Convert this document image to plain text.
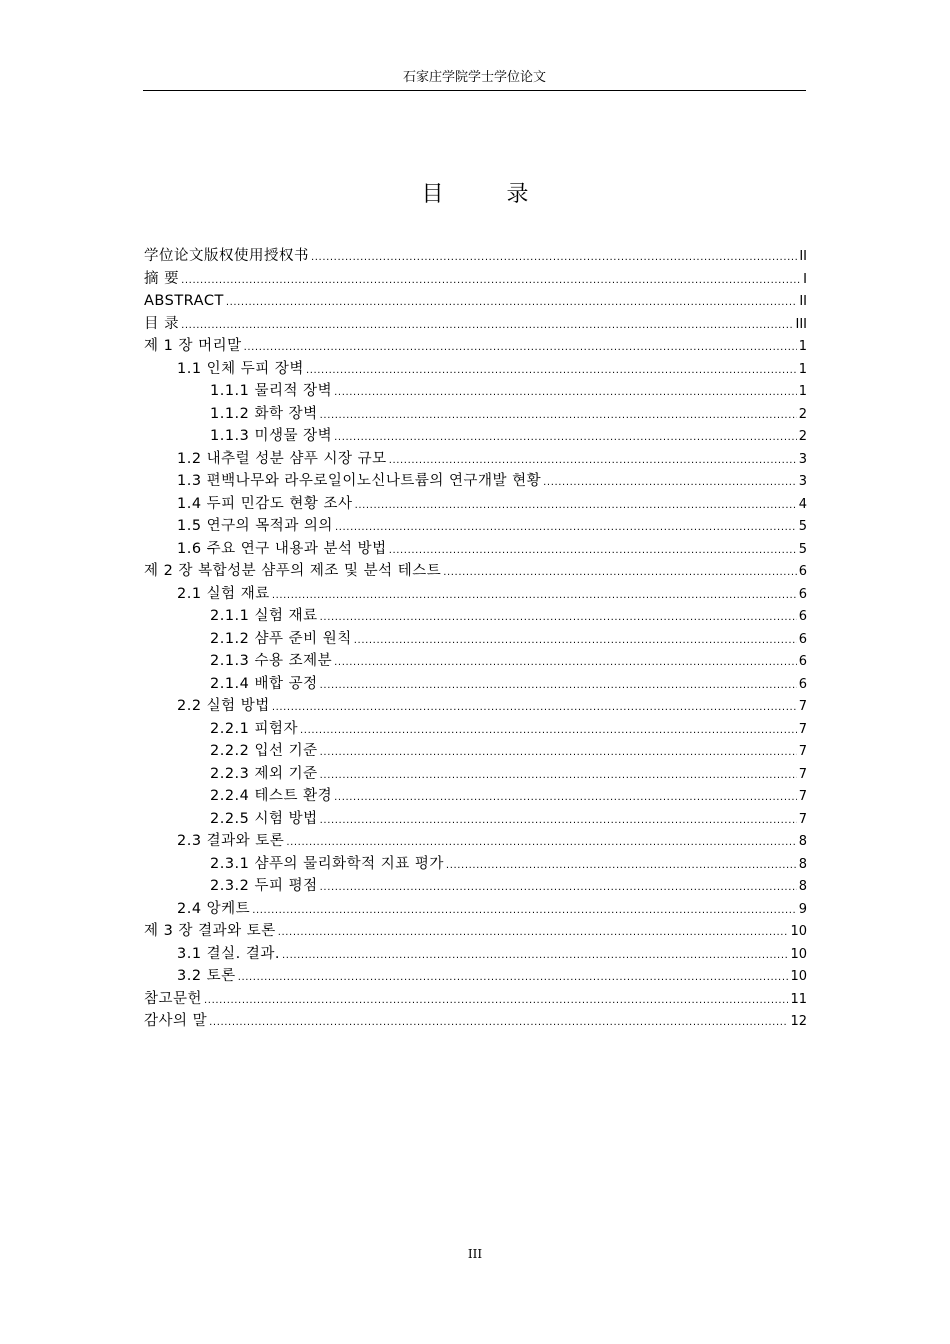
石家庄学院学士学位论文
目 录
学位论文版权使用授权书 .....	II
摘 要 .....	I
ABSTRACT .....	II
目 录 .....	III
제 1 장 머리말 .....	1
1.1 인체 두피 장벽 .....	1
1.1.1 물리적 장벽 .....	1
1.1.2 화학 장벽 .....	2
1.1.3 미생물 장벽 .....	2
1.2 내추럴 성분 샴푸 시장 규모 .....	3
1.3 편백나무와 라우로일이노신나트륨의 연구개발 현황 .....	3
1.4 두피 민감도 현황 조사 .....	4
1.5 연구의 목적과 의의 .....	5
1.6 주요 연구 내용과 분석 방법 .....	5
제 2 장 복합성분 샴푸의 제조 및 분석 테스트 .....	6
2.1 실험 재료 .....	6
2.1.1 실험 재료 .....	6
2.1.2 샴푸 준비 원칙 .....	6
2.1.3 수용 조제분 .....	6
2.1.4 배합 공정 .....	6
2.2 실험 방법 .....	7
2.2.1 피험자 .....	7
2.2.2 입선 기준 .....	7
2.2.3 제외 기준 .....	7
2.2.4 테스트 환경 .....	7
2.2.5 시험 방법 .....	7
2.3 결과와 토론 .....	8
2.3.1 샴푸의 물리화학적 지표 평가 .....	8
2.3.2 두피 평점 .....	8
2.4 앙케트 .....	9
제 3 장 결과와 토론 .....	10
3.1 결실. 결과. .....	10
3.2 토론 .....	10
참고문헌 .....	11
감사의 말 .....	12
III
